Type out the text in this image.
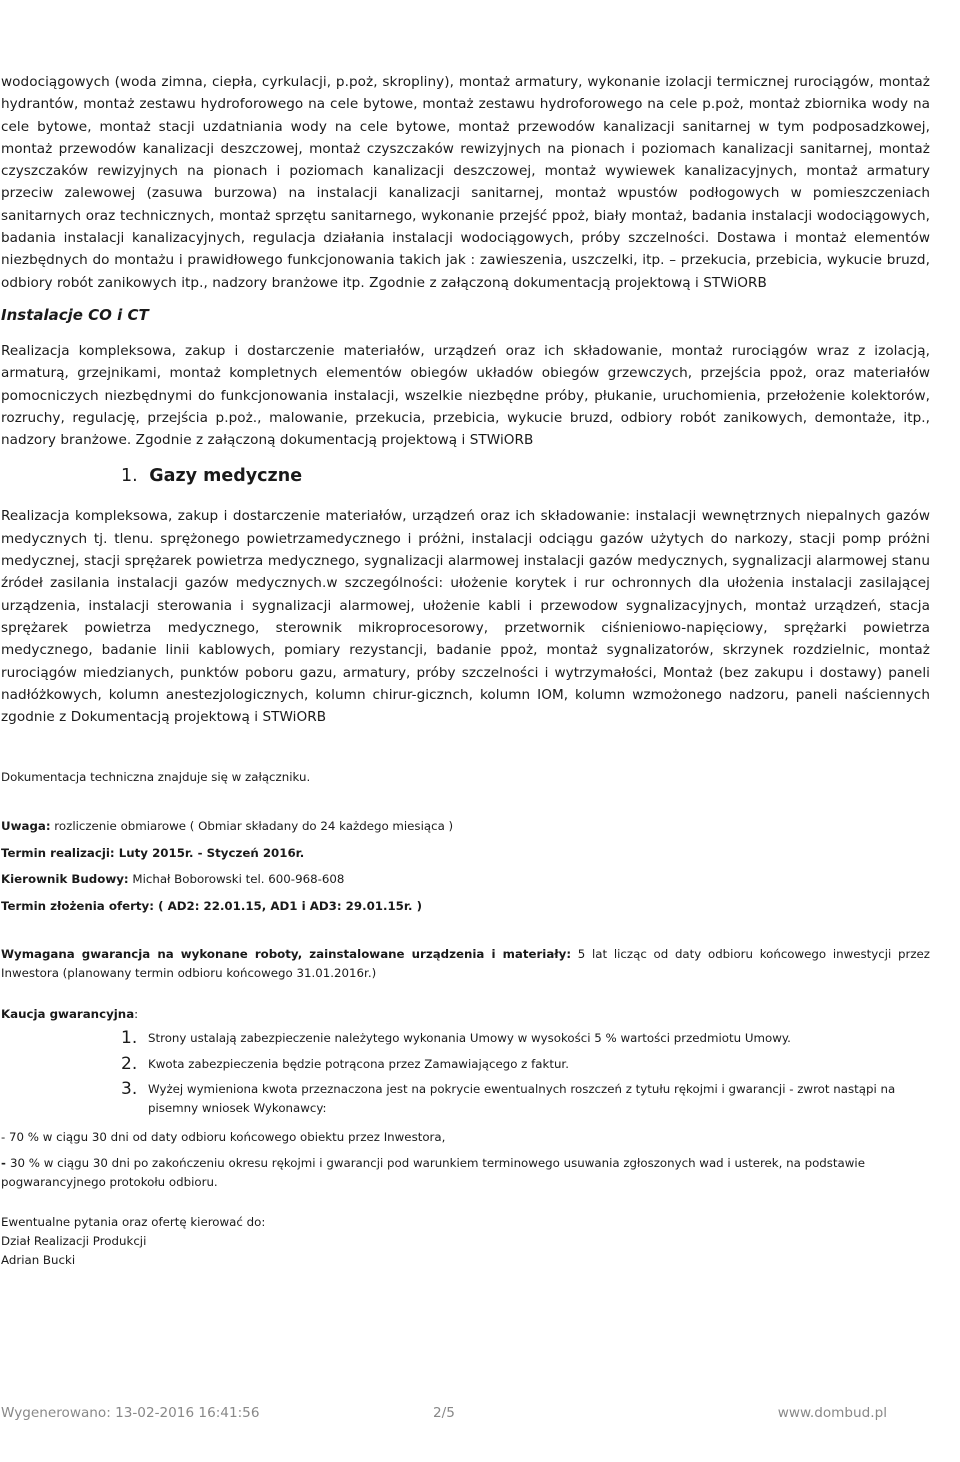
wodociągowych (woda zimna, ciepła, cyrkulacji, p.poż, skropliny), montaż armatury, wykonanie izolacji termicznej rurociągów, montaż hydrantów, montaż zestawu hydroforowego na cele bytowe, montaż zestawu hydroforowego na cele p.poż, montaż zbiornika wody na cele bytowe, montaż stacji uzdatniania wody na cele bytowe, montaż przewodów kanalizacji sanitarnej w tym podposadzkowej, montaż przewodów kanalizacji deszczowej, montaż czyszczaków rewizyjnych na pionach i poziomach kanalizacji sanitarnej, montaż czyszczaków rewizyjnych na pionach i poziomach kanalizacji deszczowej, montaż wywiewek kanalizacyjnych, montaż armatury przeciw zalewowej (zasuwa burzowa) na instalacji kanalizacji sanitarnej, montaż wpustów podłogowych w pomieszczeniach sanitarnych oraz technicznych, montaż sprzętu sanitarnego, wykonanie przejść ppoż, biały montaż, badania instalacji wodociągowych, badania instalacji kanalizacyjnych, regulacja działania instalacji wodociągowych, próby szczelności. Dostawa i montaż elementów niezbędnych do montażu i prawidłowego funkcjonowania takich jak : zawieszenia, uszczelki, itp. – przekucia, przebicia, wykucie bruzd, odbiory robót zanikowych itp., nadzory branżowe itp. Zgodnie z załączoną dokumentacją projektową i STWiORB

Instalacje CO i CT

Realizacja kompleksowa, zakup i dostarczenie materiałów, urządzeń oraz ich składowanie, montaż rurociągów wraz z izolacją, armaturą, grzejnikami, montaż kompletnych elementów obiegów układów obiegów grzewczych, przejścia ppoż, oraz materiałów pomocniczych niezbędnymi do funkcjonowania instalacji, wszelkie niezbędne próby, płukanie, uruchomienia, przełożenie kolektorów, rozruchy, regulację, przejścia p.poż., malowanie, przekucia, przebicia, wykucie bruzd, odbiory robót zanikowych, demontaże, itp., nadzory branżowe. Zgodnie z załączoną dokumentacją projektową i STWiORB

1. Gazy medyczne

Realizacja kompleksowa, zakup i dostarczenie materiałów, urządzeń oraz ich składowanie: instalacji wewnętrznych niepalnych gazów medycznych tj. tlenu. sprężonego powietrzamedycznego i próżni, instalacji odciągu gazów użytych do narkozy, stacji pomp próżni medycznej, stacji sprężarek powietrza medycznego, sygnalizacji alarmowej instalacji gazów medycznych, sygnalizacji alarmowej stanu źródeł zasilania instalacji gazów medycznych.w szczególności: ułożenie korytek i rur ochronnych dla ułożenia instalacji zasilającej urządzenia, instalacji sterowania i sygnalizacji alarmowej, ułożenie kabli i przewodow sygnalizacyjnych, montaż urządzeń, stacja sprężarek powietrza medycznego, sterownik mikroprocesorowy, przetwornik ciśnieniowo-napięciowy, sprężarki powietrza medycznego, badanie linii kablowych, pomiary rezystancji, badanie ppoż, montaż sygnalizatorów, skrzynek rozdzielnic, montaż rurociągów miedzianych, punktów poboru gazu, armatury, próby szczelności i wytrzymałości, Montaż (bez zakupu i dostawy) paneli nadłóżkowych, kolumn anestezjologicznych, kolumn chirur-gicznch, kolumn IOM, kolumn wzmożonego nadzoru, paneli naściennych zgodnie z Dokumentacją projektową i STWiORB

Dokumentacja techniczna znajduje się w załączniku.

Uwaga: rozliczenie obmiarowe ( Obmiar składany do 24 każdego miesiąca )

Termin realizacji: Luty 2015r. - Styczeń 2016r.

Kierownik Budowy: Michał Boborowski tel. 600-968-608

Termin złożenia oferty: ( AD2: 22.01.15, AD1 i AD3: 29.01.15r. )

Wymagana gwarancja na wykonane roboty, zainstalowane urządzenia i materiały: 5 lat licząc od daty odbioru końcowego inwestycji przez Inwestora (planowany termin odbioru końcowego 31.01.2016r.)

Kaucja gwarancyjna:

1. Strony ustalają zabezpieczenie należytego wykonania Umowy w wysokości 5 % wartości przedmiotu Umowy.
2. Kwota zabezpieczenia będzie potrącona przez Zamawiającego z faktur.
3. Wyżej wymieniona kwota przeznaczona jest na pokrycie ewentualnych roszczeń z tytułu rękojmi i gwarancji - zwrot nastąpi na pisemny wniosek Wykonawcy:

- 70 % w ciągu 30 dni od daty odbioru końcowego obiektu przez Inwestora,

- 30 % w ciągu 30 dni po zakończeniu okresu rękojmi i gwarancji pod warunkiem terminowego usuwania zgłoszonych wad i usterek, na podstawie pogwarancyjnego protokołu odbioru.

Ewentualne pytania oraz ofertę kierować do:

Dział Realizacji Produkcji

Adrian Bucki

Wygenerowano: 13-02-2016 16:41:56	2/5	www.dombud.pl
